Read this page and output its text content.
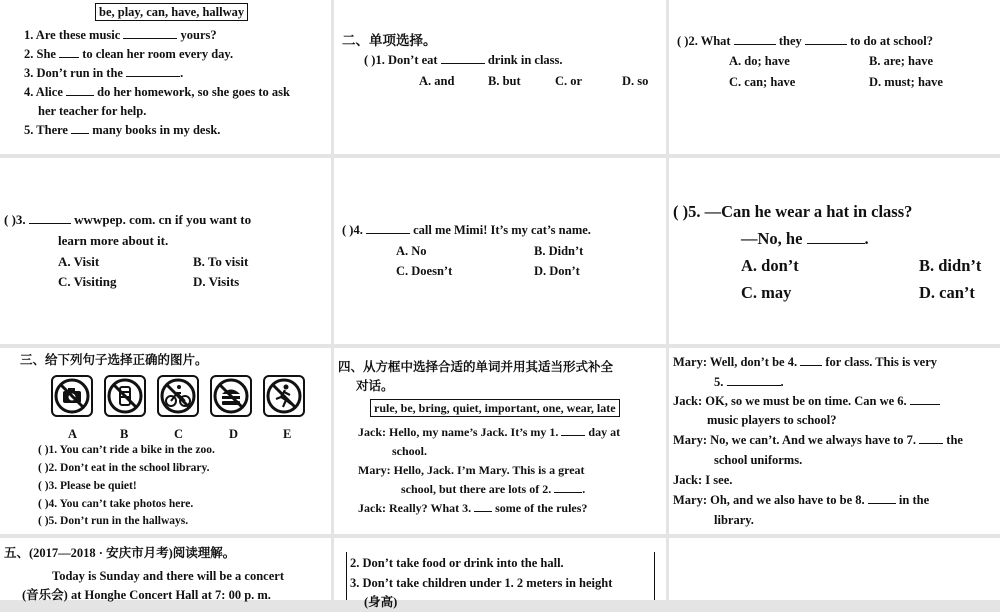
be, play, can, have, hallway
1. Are these music	yours?
2. She to clean her room every day.
3. Don’t run in the	.
4. Alice	do her homework, so she goes to ask
her teacher for help.
5. There many books in my desk.
二、单项选择。
( )1. Don’t eat	drink in class.
A. and	B. but	C. or	D. so
( )2. What	they	to do at school?
A. do; have	B. are; have
C. can; have	D. must; have
( )3.	wwwpep. com. cn if you want to
learn more about it.
A. Visit	B. To visit
C. Visiting	D. Visits
( )4.	call me Mimi! It’s my cat’s name.
A. No	B. Didn’t
C. Doesn’t	D. Don’t
( )5. —Can he wear a hat in class?
—No, he	.
A. don’t	B. didn’t
C. may	D. can’t
三、给下列句子选择正确的图片。
A	B	C	D	E
( )1. You can’t ride a bike in the zoo.
( )2. Don’t eat in the school library.
( )3. Please be quiet!
( )4. You can’t take photos here.
( )5. Don’t run in the hallways.
四、从方框中选择合适的单词并用其适当形式补全
对话。
rule, be, bring, quiet, important, one, wear, late
Jack: Hello, my name’s Jack. It’s my 1.	day at
school.
Mary: Hello, Jack. I’m Mary. This is a great
school, but there are lots of 2.	.
Jack: Really? What 3. some of the rules?
Mary: Well, don’t be 4. for class. This is very
5.	.
Jack: OK, so we must be on time. Can we 6.
music players to school?
Mary: No, we can’t. And we always have to 7. the
school uniforms.
Jack: I see.
Mary: Oh, and we also have to be 8.	in the
library.
五、(2017—2018 · 安庆市月考)阅读理解。
Today is Sunday and there will be a concert
(音乐会) at Honghe Concert Hall at 7: 00 p. m.
2. Don’t take food or drink into the hall.
3. Don’t take children under 1. 2 meters in height
(身高)
